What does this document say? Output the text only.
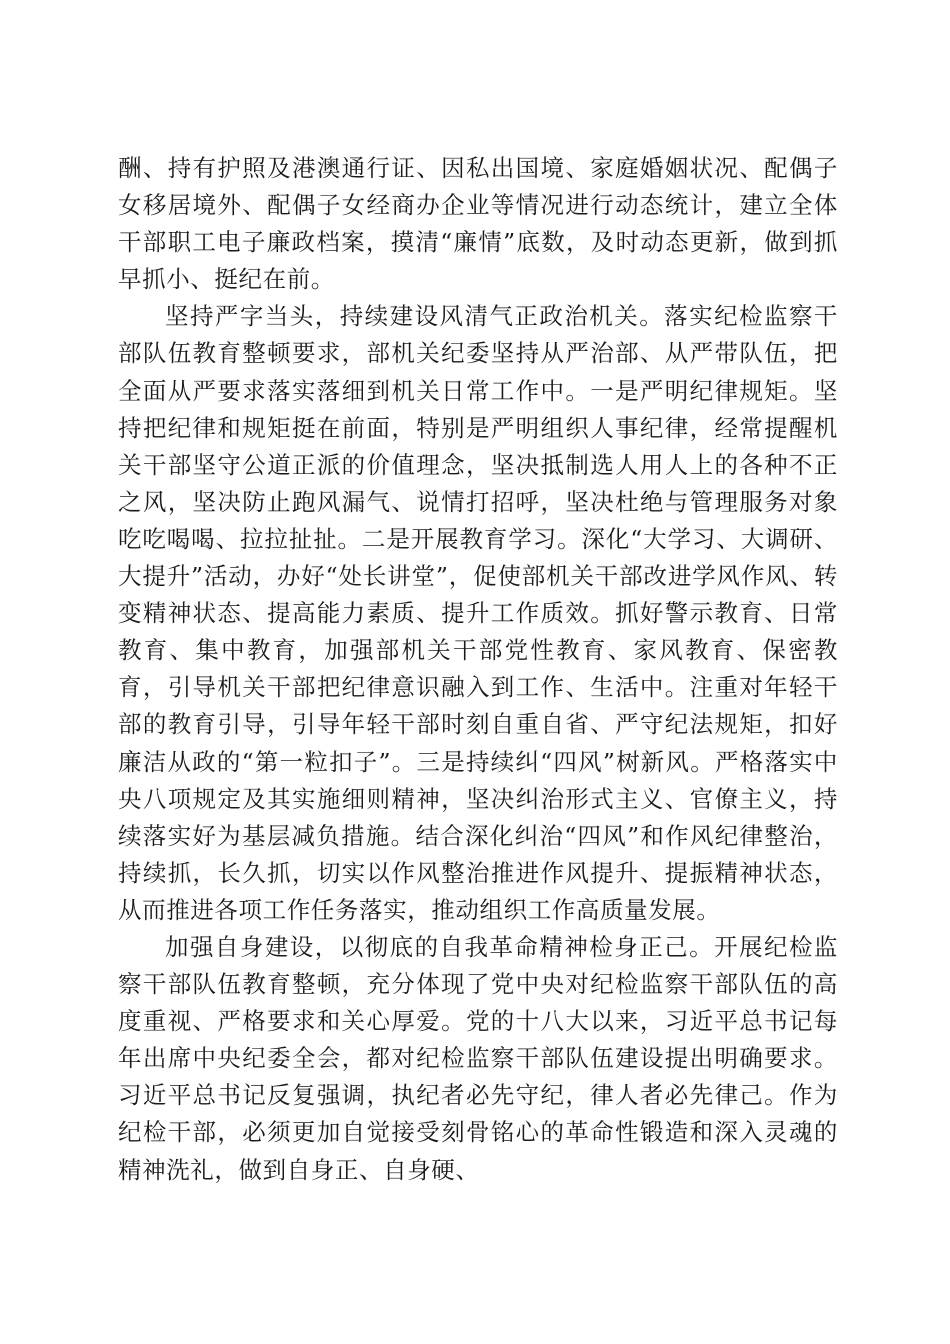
酬、持有护照及港澳通行证、因私出国境、家庭婚姻状况、配偶子女移居境外、配偶子女经商办企业等情况进行动态统计，建立全体干部职工电子廉政档案，摸清“廉情”底数，及时动态更新，做到抓早抓小、挺纪在前。

坚持严字当头，持续建设风清气正政治机关。落实纪检监察干部队伍教育整顿要求，部机关纪委坚持从严治部、从严带队伍，把全面从严要求落实落细到机关日常工作中。一是严明纪律规矩。坚持把纪律和规矩挺在前面，特别是严明组织人事纪律，经常提醒机关干部坚守公道正派的价值理念，坚决抵制选人用人上的各种不正之风，坚决防止跑风漏气、说情打招呼，坚决杜绝与管理服务对象吃吃喝喝、拉拉扯扯。二是开展教育学习。深化“大学习、大调研、大提升”活动，办好“处长讲堂”，促使部机关干部改进学风作风、转变精神状态、提高能力素质、提升工作质效。抓好警示教育、日常教育、集中教育，加强部机关干部党性教育、家风教育、保密教育，引导机关干部把纪律意识融入到工作、生活中。注重对年轻干部的教育引导，引导年轻干部时刻自重自省、严守纪法规矩，扣好廉洁从政的“第一粒扣子”。三是持续纠“四风”树新风。严格落实中央八项规定及其实施细则精神，坚决纠治形式主义、官僚主义，持续落实好为基层减负措施。结合深化纠治“四风”和作风纪律整治，持续抓，长久抓，切实以作风整治推进作风提升、提振精神状态，从而推进各项工作任务落实，推动组织工作高质量发展。

加强自身建设，以彻底的自我革命精神检身正己。开展纪检监察干部队伍教育整顿，充分体现了党中央对纪检监察干部队伍的高度重视、严格要求和关心厚爱。党的十八大以来，习近平总书记每年出席中央纪委全会，都对纪检监察干部队伍建设提出明确要求。习近平总书记反复强调，执纪者必先守纪，律人者必先律己。作为纪检干部，必须更加自觉接受刻骨铭心的革命性锻造和深入灵魂的精神洗礼，做到自身正、自身硬、
